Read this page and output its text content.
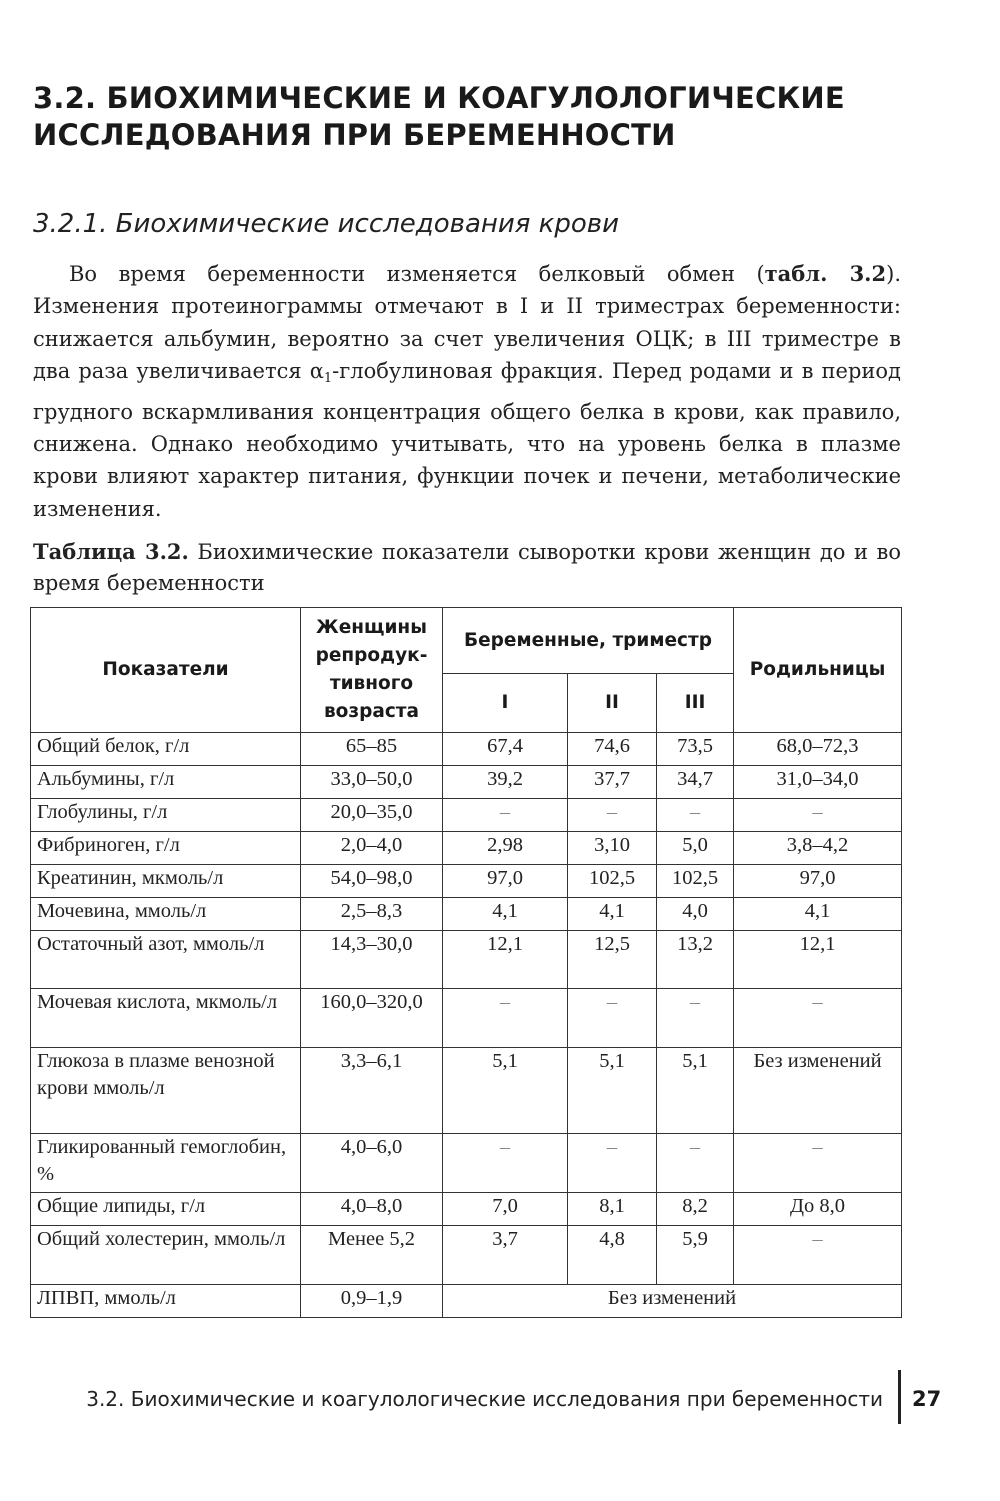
3.2. БИОХИМИЧЕСКИЕ И КОАГУЛОЛОГИЧЕСКИЕ ИССЛЕДОВАНИЯ ПРИ БЕРЕМЕННОСТИ
3.2.1. Биохимические исследования крови

Во время беременности изменяется белковый обмен (табл. 3.2). Изменения протеинограммы отмечают в I и II триместрах беременности: снижается альбумин, вероятно за счет увеличения ОЦК; в III триместре в два раза увеличивается $\alpha_1$-глобулиновая фракция. Перед родами и в период грудного вскармливания концентрация общего белка в крови, как правило, снижена. Однако необходимо учитывать, что на уровень белка в плазме крови влияют характер питания, функции почек и печени, метаболические изменения.

Таблица 3.2. Биохимические показатели сыворотки крови женщин до и во время беременности
Показатели	Женщины репродук-тивного возраста	Беременные, триместр			Родильницы
		I	II	III	
Общий белок, г/л	65–85	67,4	74,6	73,5	68,0–72,3
Альбумины, г/л	33,0–50,0	39,2	37,7	34,7	31,0–34,0
Глобулины, г/л	20,0–35,0	–	–	–	–
Фибриноген, г/л	2,0–4,0	2,98	3,10	5,0	3,8–4,2
Креатинин, мкмоль/л	54,0–98,0	97,0	102,5	102,5	97,0
Мочевина, ммоль/л	2,5–8,3	4,1	4,1	4,0	4,1
Остаточный азот, ммоль/л	14,3–30,0	12,1	12,5	13,2	12,1
Мочевая кислота, мкмоль/л	160,0–320,0	–	–	–	–
Глюкоза в плазме венозной крови ммоль/л	3,3–6,1	5,1	5,1	5,1	Без изменений
Гликированный гемоглобин, %	4,0–6,0	–	–	–	–
Общие липиды, г/л	4,0–8,0	7,0	8,1	8,2	До 8,0
Общий холестерин, ммоль/л	Менее 5,2	3,7	4,8	5,9	–
ЛПВП, ммоль/л	0,9–1,9	Без изменений			
3.2. Биохимические и коагулологические исследования при беременности 27
